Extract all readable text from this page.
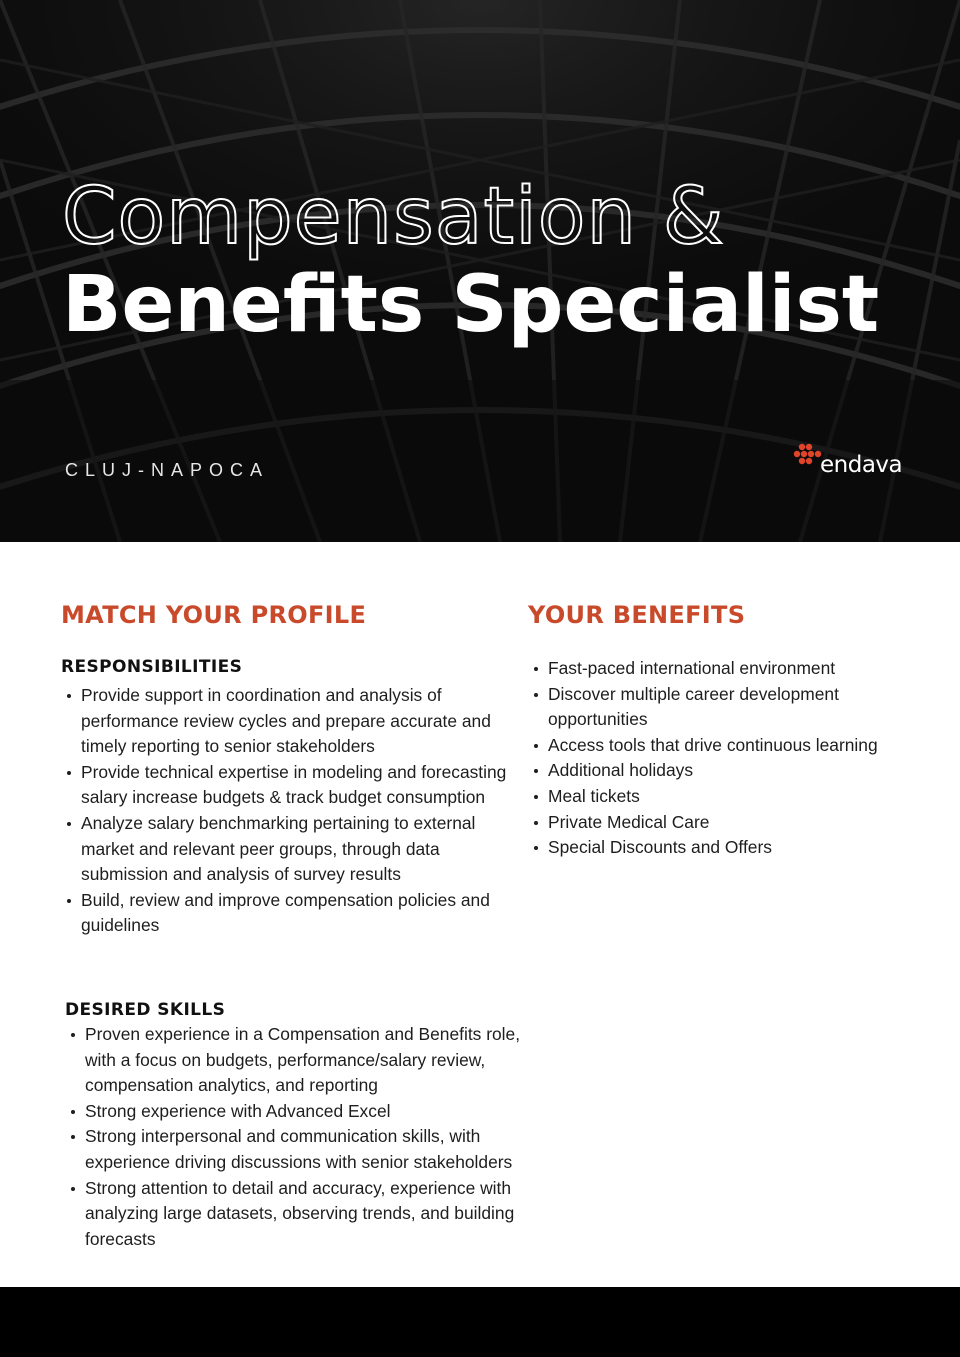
Compensation &
Benefits Specialist
CLUJ-NAPOCA	endava
MATCH YOUR PROFILE
RESPONSIBILITIES
Provide support in coordination and analysis of performance review cycles and prepare accurate and timely reporting to senior stakeholders
Provide technical expertise in modeling and forecasting salary increase budgets & track budget consumption
Analyze salary benchmarking pertaining to external market and relevant peer groups, through data submission and analysis of survey results
Build, review and improve compensation policies and guidelines
DESIRED SKILLS
Proven experience in a Compensation and Benefits role, with a focus on budgets, performance/salary review, compensation analytics, and reporting
Strong experience with Advanced Excel
Strong interpersonal and communication skills, with experience driving discussions with senior stakeholders
Strong attention to detail and accuracy, experience with analyzing large datasets, observing trends, and building forecasts
YOUR BENEFITS
Fast-paced international environment
Discover multiple career development opportunities
Access tools that drive continuous learning
Additional holidays
Meal tickets
Private Medical Care
Special Discounts and Offers
